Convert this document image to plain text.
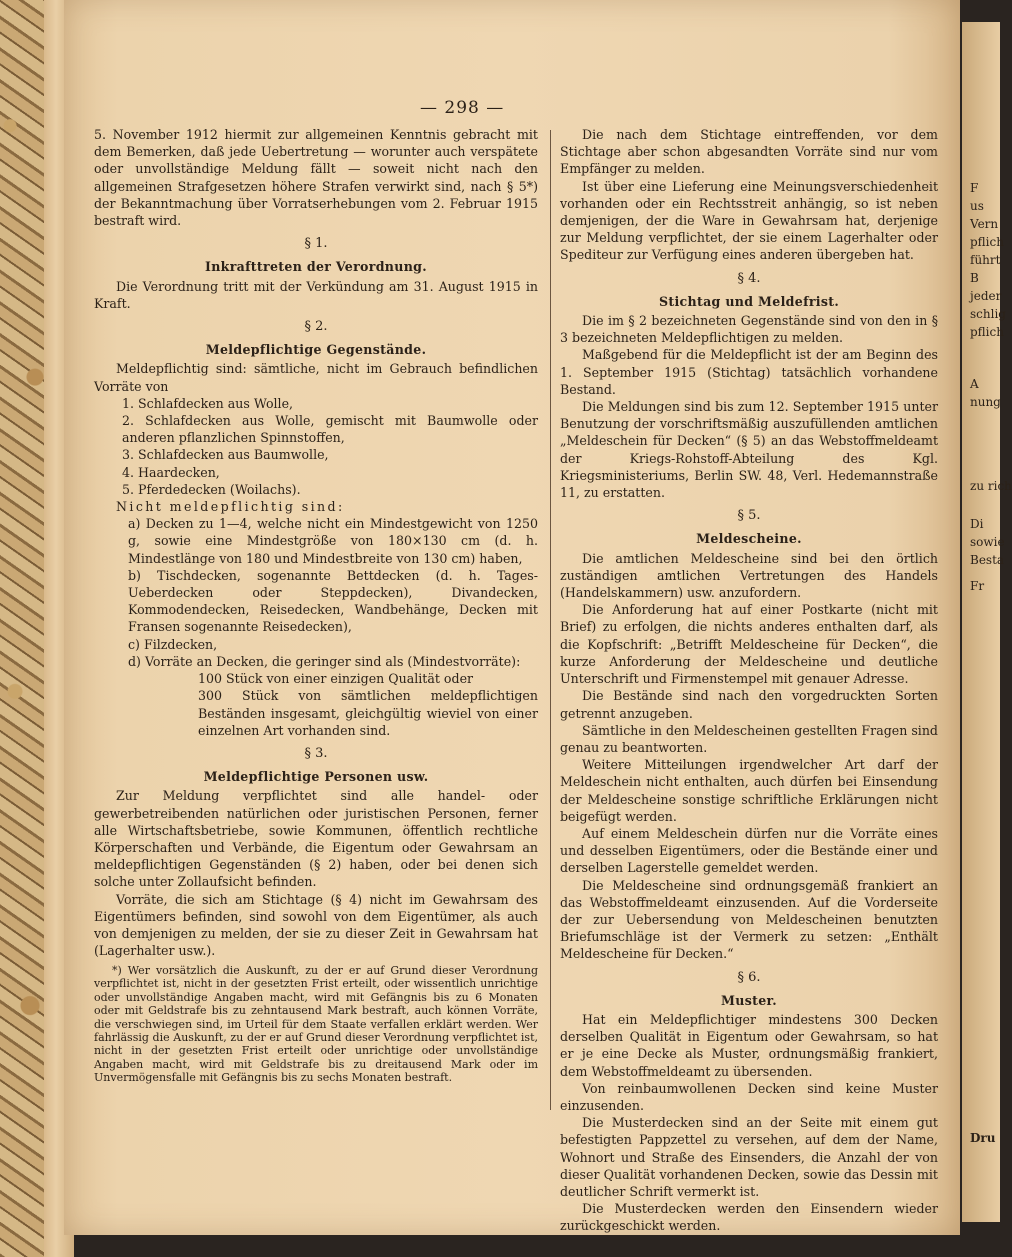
— 298 —

5. November 1912 hiermit zur allgemeinen Kenntnis gebracht mit dem Bemerken, daß jede Uebertretung — worunter auch verspätete oder unvollständige Meldung fällt — soweit nicht nach den allgemeinen Strafgesetzen höhere Strafen verwirkt sind, nach § 5*) der Bekanntmachung über Vorratserhebungen vom 2. Februar 1915 bestraft wird.

§ 1.
Inkrafttreten der Verordnung.

Die Verordnung tritt mit der Verkündung am 31. August 1915 in Kraft.

§ 2.
Meldepflichtige Gegenstände.

Meldepflichtig sind: sämtliche, nicht im Gebrauch befindlichen Vorräte von

1. Schlafdecken aus Wolle,

2. Schlafdecken aus Wolle, gemischt mit Baumwolle oder anderen pflanzlichen Spinnstoffen,

3. Schlafdecken aus Baumwolle,

4. Haardecken,

5. Pferdedecken (Woilachs).

Nicht meldepflichtig sind:

a) Decken zu 1—4, welche nicht ein Mindestgewicht von 1250 g, sowie eine Mindestgröße von 180×130 cm (d. h. Mindestlänge von 180 und Mindestbreite von 130 cm) haben,

b) Tischdecken, sogenannte Bettdecken (d. h. Tages-Ueberdecken oder Steppdecken), Divandecken, Kommodendecken, Reisedecken, Wandbehänge, Decken mit Fransen sogenannte Reisedecken),

c) Filzdecken,

d) Vorräte an Decken, die geringer sind als (Mindestvorräte):

100 Stück von einer einzigen Qualität oder

300 Stück von sämtlichen meldepflichtigen Beständen insgesamt, gleichgültig wieviel von einer einzelnen Art vorhanden sind.

§ 3.
Meldepflichtige Personen usw.

Zur Meldung verpflichtet sind alle handel- oder gewerbetreibenden natürlichen oder juristischen Personen, ferner alle Wirtschaftsbetriebe, sowie Kommunen, öffentlich rechtliche Körperschaften und Verbände, die Eigentum oder Gewahrsam an meldepflichtigen Gegenständen (§ 2) haben, oder bei denen sich solche unter Zollaufsicht befinden.

Vorräte, die sich am Stichtage (§ 4) nicht im Gewahrsam des Eigentümers befinden, sind sowohl von dem Eigentümer, als auch von demjenigen zu melden, der sie zu dieser Zeit in Gewahrsam hat (Lagerhalter usw.).

*) Wer vorsätzlich die Auskunft, zu der er auf Grund dieser Verordnung verpflichtet ist, nicht in der gesetzten Frist erteilt, oder wissentlich unrichtige oder unvollständige Angaben macht, wird mit Gefängnis bis zu 6 Monaten oder mit Geldstrafe bis zu zehntausend Mark bestraft, auch können Vorräte, die verschwiegen sind, im Urteil für dem Staate verfallen erklärt werden. Wer fahrlässig die Auskunft, zu der er auf Grund dieser Verordnung verpflichtet ist, nicht in der gesetzten Frist erteilt oder unrichtige oder unvollständige Angaben macht, wird mit Geldstrafe bis zu dreitausend Mark oder im Unvermögensfalle mit Gefängnis bis zu sechs Monaten bestraft.

Die nach dem Stichtage eintreffenden, vor dem Stichtage aber schon abgesandten Vorräte sind nur vom Empfänger zu melden.

Ist über eine Lieferung eine Meinungsverschiedenheit vorhanden oder ein Rechtsstreit anhängig, so ist neben demjenigen, der die Ware in Gewahrsam hat, derjenige zur Meldung verpflichtet, der sie einem Lagerhalter oder Spediteur zur Verfügung eines anderen übergeben hat.

§ 4.
Stichtag und Meldefrist.

Die im § 2 bezeichneten Gegenstände sind von den in § 3 bezeichneten Meldepflichtigen zu melden.

Maßgebend für die Meldepflicht ist der am Beginn des 1. September 1915 (Stichtag) tatsächlich vorhandene Bestand.

Die Meldungen sind bis zum 12. September 1915 unter Benutzung der vorschriftsmäßig auszufüllenden amtlichen „Meldeschein für Decken“ (§ 5) an das Webstoffmeldeamt der Kriegs-Rohstoff-Abteilung des Kgl. Kriegsministeriums, Berlin SW. 48, Verl. Hedemannstraße 11, zu erstatten.

§ 5.
Meldescheine.

Die amtlichen Meldescheine sind bei den örtlich zuständigen amtlichen Vertretungen des Handels (Handelskammern) usw. anzufordern.

Die Anforderung hat auf einer Postkarte (nicht mit Brief) zu erfolgen, die nichts anderes enthalten darf, als die Kopfschrift: „Betrifft Meldescheine für Decken“, die kurze Anforderung der Meldescheine und deutliche Unterschrift und Firmenstempel mit genauer Adresse.

Die Bestände sind nach den vorgedruckten Sorten getrennt anzugeben.

Sämtliche in den Meldescheinen gestellten Fragen sind genau zu beantworten.

Weitere Mitteilungen irgendwelcher Art darf der Meldeschein nicht enthalten, auch dürfen bei Einsendung der Meldescheine sonstige schriftliche Erklärungen nicht beigefügt werden.

Auf einem Meldeschein dürfen nur die Vorräte eines und desselben Eigentümers, oder die Bestände einer und derselben Lagerstelle gemeldet werden.

Die Meldescheine sind ordnungsgemäß frankiert an das Webstoffmeldeamt einzusenden. Auf die Vorderseite der zur Uebersendung von Meldescheinen benutzten Briefumschläge ist der Vermerk zu setzen: „Enthält Meldescheine für Decken.“

§ 6.
Muster.

Hat ein Meldepflichtiger mindestens 300 Decken derselben Qualität in Eigentum oder Gewahrsam, so hat er je eine Decke als Muster, ordnungsmäßig frankiert, dem Webstoffmeldeamt zu übersenden.

Von reinbaumwollenen Decken sind keine Muster einzusenden.

Die Musterdecken sind an der Seite mit einem gut befestigten Pappzettel zu versehen, auf dem der Name, Wohnort und Straße des Einsenders, die Anzahl der von dieser Qualität vorhandenen Decken, sowie das Dessin mit deutlicher Schrift vermerkt ist.

Die Musterdecken werden den Einsendern wieder zurückgeschickt werden.

F
us
Vern
pflich
führt
B
jeder
schlig
pflich
A
nung
zu rich
Di
sowie
Besta
Fr
Dru
